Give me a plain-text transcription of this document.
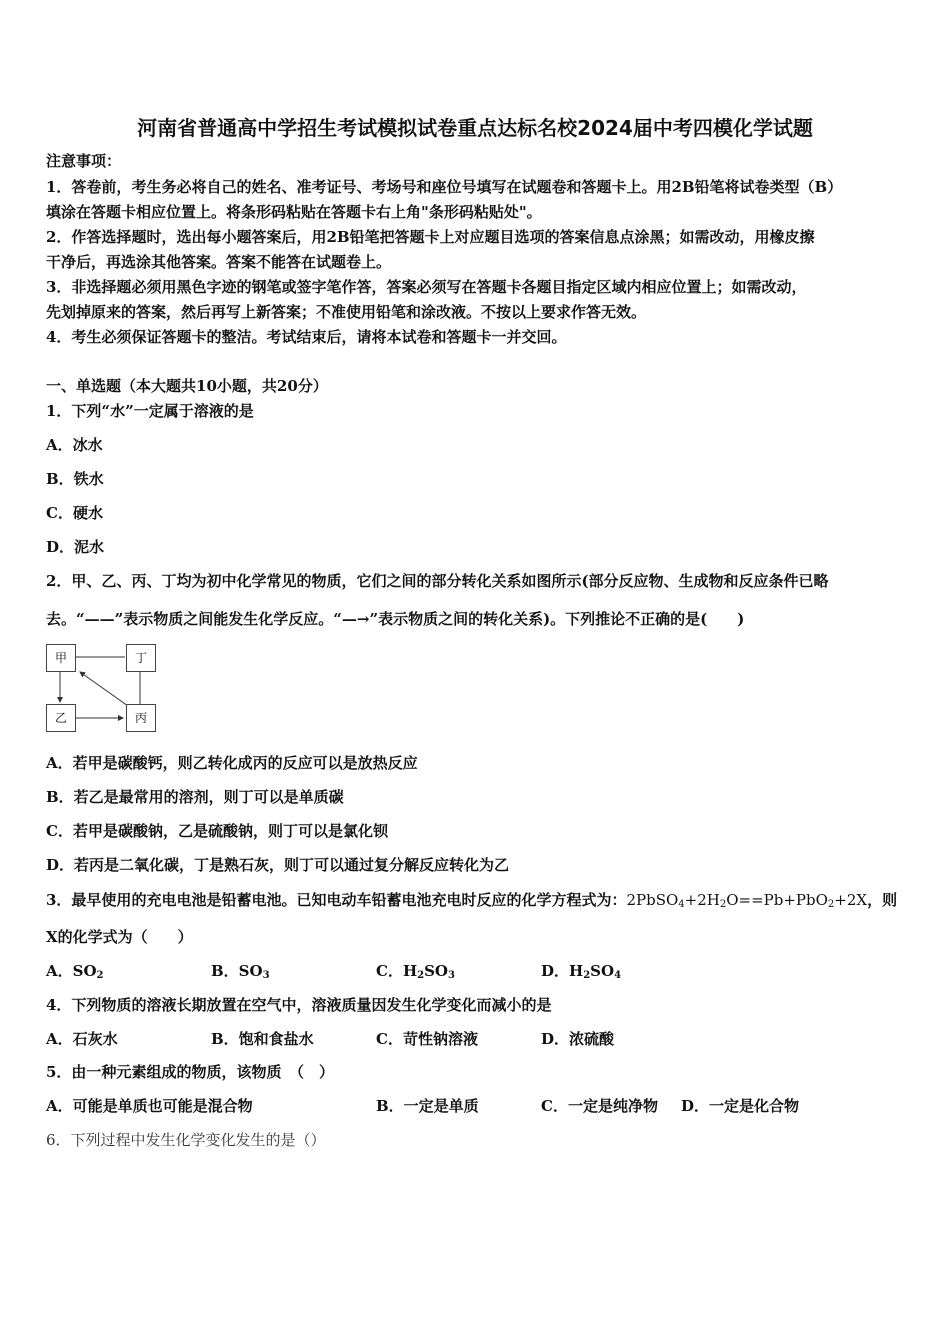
河南省普通高中学招生考试模拟试卷重点达标名校2024届中考四模化学试题
注意事项：
1．答卷前，考生务必将自己的姓名、准考证号、考场号和座位号填写在试题卷和答题卡上。用2B铅笔将试卷类型（B）
填涂在答题卡相应位置上。将条形码粘贴在答题卡右上角"条形码粘贴处"。
2．作答选择题时，选出每小题答案后，用2B铅笔把答题卡上对应题目选项的答案信息点涂黑；如需改动，用橡皮擦
干净后，再选涂其他答案。答案不能答在试题卷上。
3．非选择题必须用黑色字迹的钢笔或签字笔作答，答案必须写在答题卡各题目指定区域内相应位置上；如需改动，
先划掉原来的答案，然后再写上新答案；不准使用铅笔和涂改液。不按以上要求作答无效。
4．考生必须保证答题卡的整洁。考试结束后，请将本试卷和答题卡一并交回。
一、单选题（本大题共10小题，共20分）
1．下列“水”一定属于溶液的是
A．冰水
B．铁水
C．硬水
D．泥水
2．甲、乙、丙、丁均为初中化学常见的物质，它们之间的部分转化关系如图所示(部分反应物、生成物和反应条件已略
去。“——”表示物质之间能发生化学反应。“—→”表示物质之间的转化关系)。下列推论不正确的是(　　)
甲	丁
乙	丙
A．若甲是碳酸钙，则乙转化成丙的反应可以是放热反应
B．若乙是最常用的溶剂，则丁可以是单质碳
C．若甲是碳酸钠，乙是硫酸钠，则丁可以是氯化钡
D．若丙是二氧化碳，丁是熟石灰，则丁可以通过复分解反应转化为乙
3．最早使用的充电电池是铅蓄电池。已知电动车铅蓄电池充电时反应的化学方程式为：$2PbSO_4+2H_2O==Pb+PbO_2+2X$，则
X的化学式为（　　）
A．$SO_2$	B．$SO_3$	C．$H_2SO_3$	D．$H_2SO_4$
4．下列物质的溶液长期放置在空气中，溶液质量因发生化学变化而减小的是
A．石灰水	B．饱和食盐水	C．苛性钠溶液	D．浓硫酸
5．由一种元素组成的物质，该物质　（　）
A．可能是单质也可能是混合物	B．一定是单质	C．一定是纯净物 D．一定是化合物
6．下列过程中发生化学变化发生的是（）
